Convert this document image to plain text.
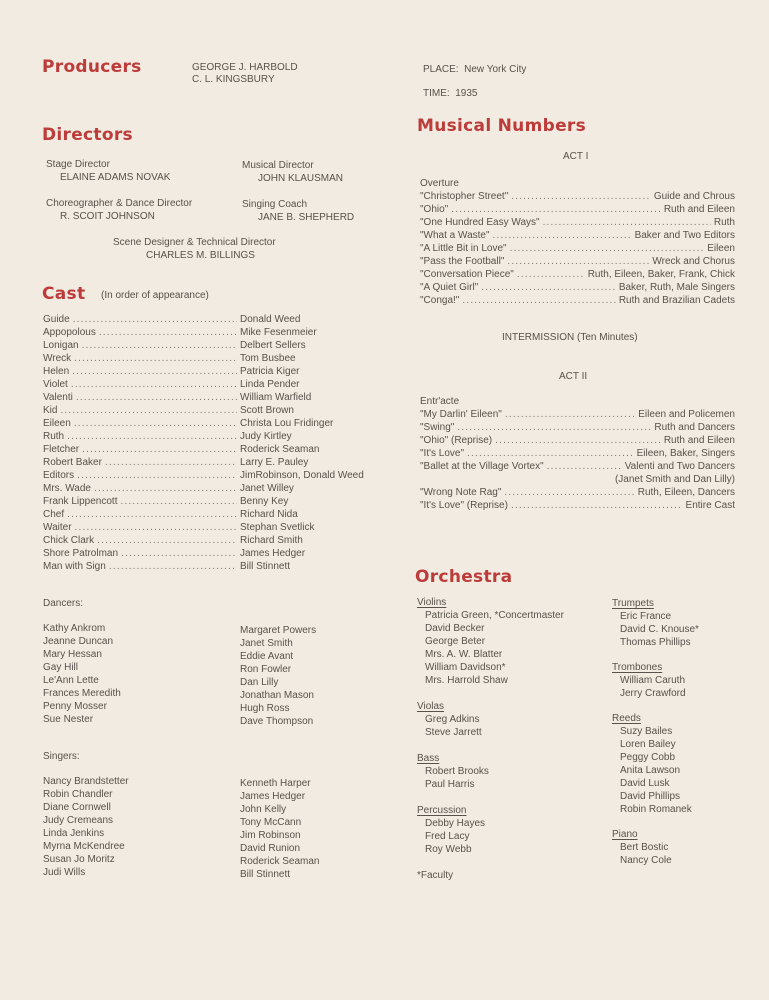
Producers	GEORGE J. HARBOLD
C. L. KINGSBURY
Directors
Stage Director
ELAINE ADAMS NOVAK
Musical Director
JOHN KLAUSMAN
Choreographer & Dance Director
R. SCOIT JOHNSON
Singing Coach
JANE B. SHEPHERD
Scene Designer & Technical Director
CHARLES M. BILLINGS
Cast (In order of appearance)
Guide .....	Donald Weed
Appopolous .....	Mike Fesenmeier
Lonigan .....	Delbert Sellers
Wreck .....	Tom Busbee
Helen .....	Patricia Kiger
Violet .....	Linda Pender
Valenti .....	William Warfield
Kid .....	Scott Brown
Eileen .....	Christa Lou Fridinger
Ruth .....	Judy Kirtley
Fletcher .....	Roderick Seaman
Robert Baker .....	Larry E. Pauley
Editors .....	JimRobinson, Donald Weed
Mrs. Wade .....	Janet Willey
Frank Lippencott .....	Benny Key
Chef .....	Richard Nida
Waiter .....	Stephan Svetlick
Chick Clark .....	Richard Smith
Shore Patrolman .....	James Hedger
Man with Sign .....	Bill Stinnett
Dancers:
Kathy Ankrom
Jeanne Duncan
Mary Hessan
Gay Hill
Le'Ann Lette
Frances Meredith
Penny Mosser
Sue Nester
Margaret Powers
Janet Smith
Eddie Avant
Ron Fowler
Dan Lilly
Jonathan Mason
Hugh Ross
Dave Thompson
Singers:
Nancy Brandstetter
Robin Chandler
Diane Cornwell
Judy Cremeans
Linda Jenkins
Myrna McKendree
Susan Jo Moritz
Judi Wills
Kenneth Harper
James Hedger
John Kelly
Tony McCann
Jim Robinson
David Runion
Roderick Seaman
Bill Stinnett
PLACE: New York City
TIME: 1935
Musical Numbers
ACT I
Overture
"Christopher Street" .....	Guide and Chrous
"Ohio" .....	Ruth and Eileen
"One Hundred Easy Ways" .....	Ruth
"What a Waste" .....	Baker and Two Editors
"A Little Bit in Love" .....	Eileen
"Pass the Football" .....	Wreck and Chorus
"Conversation Piece" .....	Ruth, Eileen, Baker, Frank, Chick
"A Quiet Girl" .....	Baker, Ruth, Male Singers
"Conga!" .....	Ruth and Brazilian Cadets
INTERMISSION (Ten Minutes)
ACT II
Entr'acte
"My Darlin' Eileen" .....	Eileen and Policemen
"Swing" .....	Ruth and Dancers
"Ohio" (Reprise) .....	Ruth and Eileen
"It's Love" .....	Eileen, Baker, Singers
"Ballet at the Village Vortex" .....	Valenti and Two Dancers
(Janet Smith and Dan Lilly)
"Wrong Note Rag" .....	Ruth, Eileen, Dancers
"It's Love" (Reprise) .....	Entire Cast
Orchestra
Violins
Patricia Green, *Concertmaster
David Becker
George Beter
Mrs. A. W. Blatter
William Davidson*
Mrs. Harrold Shaw
Violas
Greg Adkins
Steve Jarrett
Bass
Robert Brooks
Paul Harris
Percussion
Debby Hayes
Fred Lacy
Roy Webb
*Faculty
Trumpets
Eric France
David C. Knouse*
Thomas Phillips
Trombones
William Caruth
Jerry Crawford
Reeds
Suzy Bailes
Loren Bailey
Peggy Cobb
Anita Lawson
David Lusk
David Phillips
Robin Romanek
Piano
Bert Bostic
Nancy Cole
